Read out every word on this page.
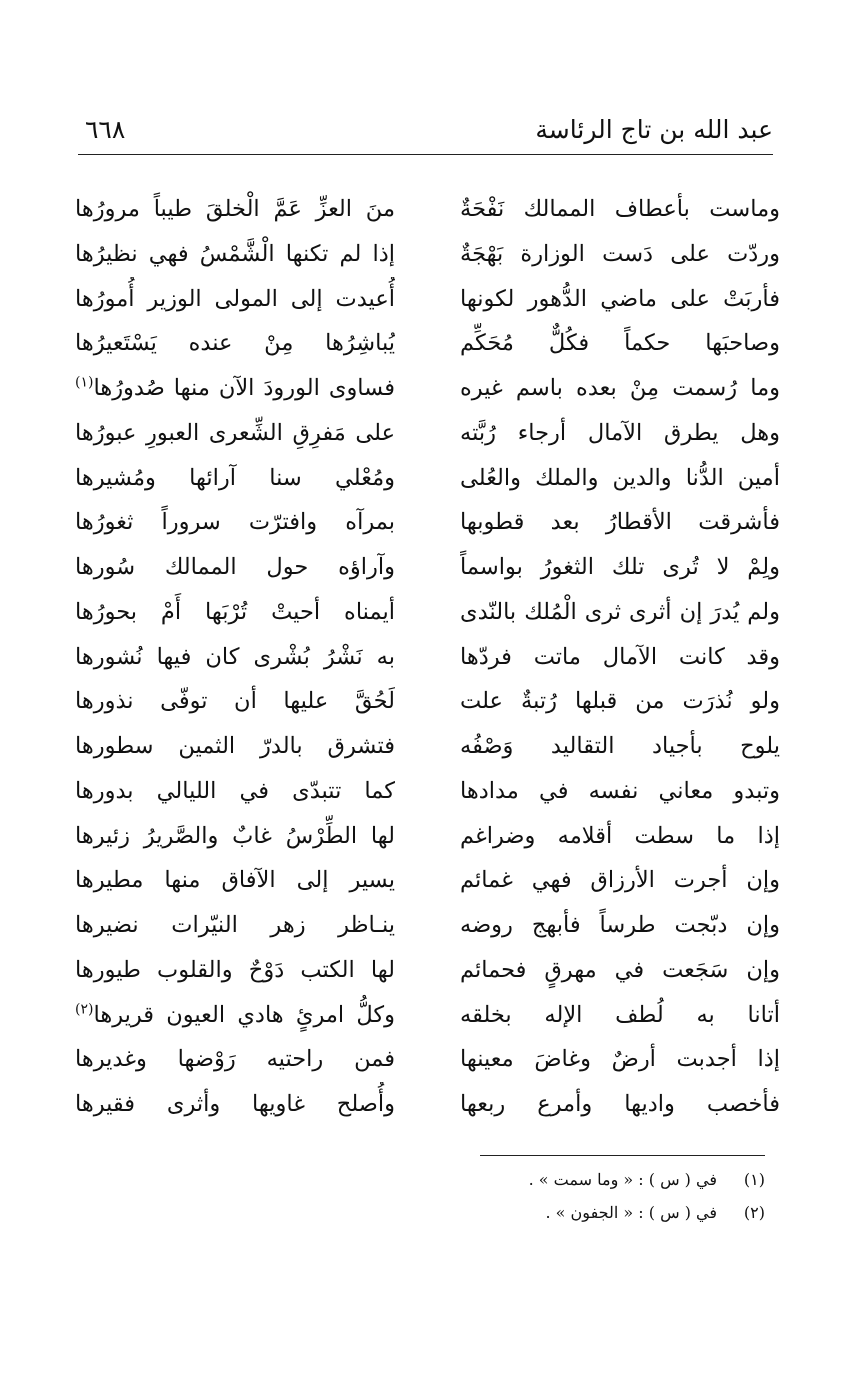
عبد الله بن تاج الرئاسة
٦٦٨
وماست بأعطاف الممالك نَفْحَةٌ
منَ العزِّ عَمَّ الْخلقَ طيباً مرورُها
وردّت على دَست الوزارة بَهْجَةٌ
إذا لم تكنها الْشَّمْسُ فهي نظيرُها
فأربَتْ على ماضي الدُّهور لكونها
أُعيدت إلى المولى الوزير أُمورُها
وصاحبَها حكماً فكُلٌّ مُحَكِّم
يُباشِرُها مِنْ عنده يَسْتَعيرُها
وما رُسمت مِنْ بعده باسم غيره
فساوى الورودَ الآن منها صُدورُها$^{(١)}$
وهل يطرق الآمال أرجاء رُبَّته
على مَفرِقِ الشِّعرى العبورِ عبورُها
أمين الدُّنا والدين والملك والعُلى
ومُعْلي سنا آرائها ومُشيرها
فأشرقت الأقطارُ بعد قطوبها
بمرآه وافترّت سروراً ثغورُها
ولِمْ لا تُرى تلك الثغورُ بواسماً
وآراؤه حول الممالك سُورها
ولم يُدرَ إن أثرى ثرى الْمُلك بالنّدى
أيمناه أحيتْ تُرْبَها أَمْ بحورُها
وقد كانت الآمال ماتت فردّها
به نَشْرُ بُشْرى كان فيها نُشورها
ولو نُذرَت من قبلها رُتبةٌ علت
لَحُقَّ عليها أن توفّى نذورها
يلوح بأجياد التقاليد وَصْفُه
فتشرق بالدرّ الثمين سطورها
وتبدو معاني نفسه في مدادها
كما تتبدّى في الليالي بدورها
إذا ما سطت أقلامه وضراغم
لها الطِّرْسُ غابٌ والصَّريرُ زئيرها
وإن أجرت الأرزاق فهي غمائم
يسير إلى الآفاق منها مطيرها
وإن دبّجت طرساً فأبهج روضه
ينـاظر زهر النيّرات نضيرها
وإن سَجَعت في مهرقٍ فحمائم
لها الكتب دَوْحٌ والقلوب طيورها
أتانا به لُطف الإله بخلقه
وكلُّ امرئٍ هادي العيون قريرها$^{(٢)}$
إذا أجدبت أرضٌ وغاضَ معينها
فمن راحتيه رَوْضها وغديرها
فأخصب واديها وأمرع ربعها
وأُصلح غاويها وأثرى فقيرها
(١)
في ( س ) : « وما سمت » .
(٢)
في ( س ) : « الجفون » .
